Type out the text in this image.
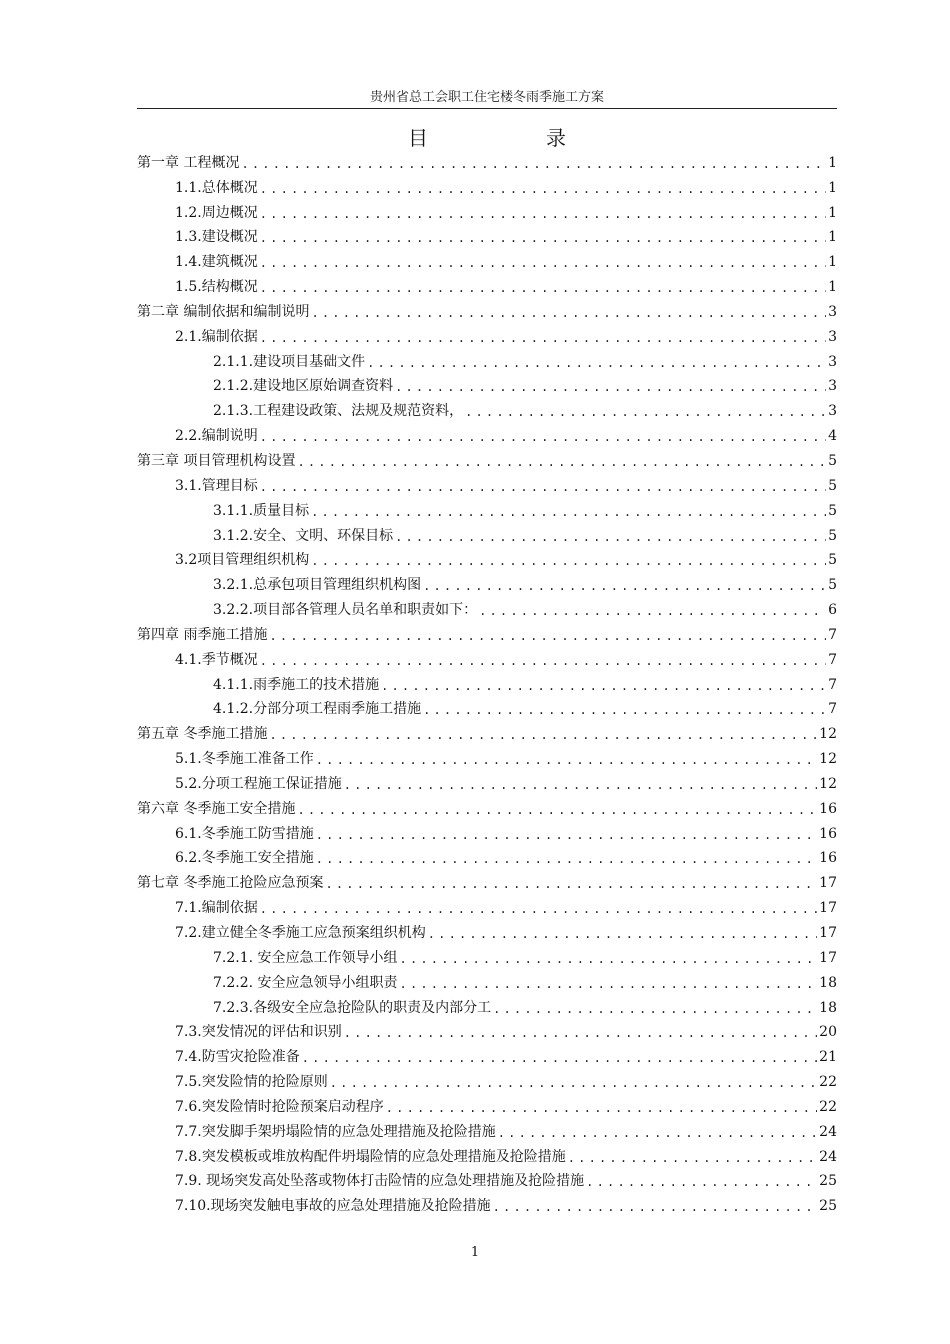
贵州省总工会职工住宅楼冬雨季施工方案
目	录
第一章 工程概况 .....	1
1.1.总体概况 .....	1
1.2.周边概况 .....	1
1.3.建设概况 .....	1
1.4.建筑概况 .....	1
1.5.结构概况 .....	1
第二章 编制依据和编制说明 .....	3
2.1.编制依据 .....	3
2.1.1.建设项目基础文件 .....	3
2.1.2.建设地区原始调查资料 .....	3
2.1.3.工程建设政策、法规及规范资料， .....	3
2.2.编制说明 .....	4
第三章 项目管理机构设置 .....	5
3.1.管理目标 .....	5
3.1.1.质量目标 .....	5
3.1.2.安全、文明、环保目标 .....	5
3.2项目管理组织机构 .....	5
3.2.1.总承包项目管理组织机构图 .....	5
3.2.2.项目部各管理人员名单和职责如下： .....	6
第四章 雨季施工措施 .....	7
4.1.季节概况 .....	7
4.1.1.雨季施工的技术措施 .....	7
4.1.2.分部分项工程雨季施工措施 .....	7
第五章 冬季施工措施 .....	12
5.1.冬季施工准备工作 .....	12
5.2.分项工程施工保证措施 .....	12
第六章 冬季施工安全措施 .....	16
6.1.冬季施工防雪措施 .....	16
6.2.冬季施工安全措施 .....	16
第七章 冬季施工抢险应急预案 .....	17
7.1.编制依据 .....	17
7.2.建立健全冬季施工应急预案组织机构 .....	17
7.2.1. 安全应急工作领导小组 .....	17
7.2.2. 安全应急领导小组职责 .....	18
7.2.3.各级安全应急抢险队的职责及内部分工 .....	18
7.3.突发情况的评估和识别 .....	20
7.4.防雪灾抢险准备 .....	21
7.5.突发险情的抢险原则 .....	22
7.6.突发险情时抢险预案启动程序 .....	22
7.7.突发脚手架坍塌险情的应急处理措施及抢险措施 .....	24
7.8.突发模板或堆放构配件坍塌险情的应急处理措施及抢险措施 .....	24
7.9. 现场突发高处坠落或物体打击险情的应急处理措施及抢险措施 .....	25
7.10.现场突发触电事故的应急处理措施及抢险措施 .....	25
1
